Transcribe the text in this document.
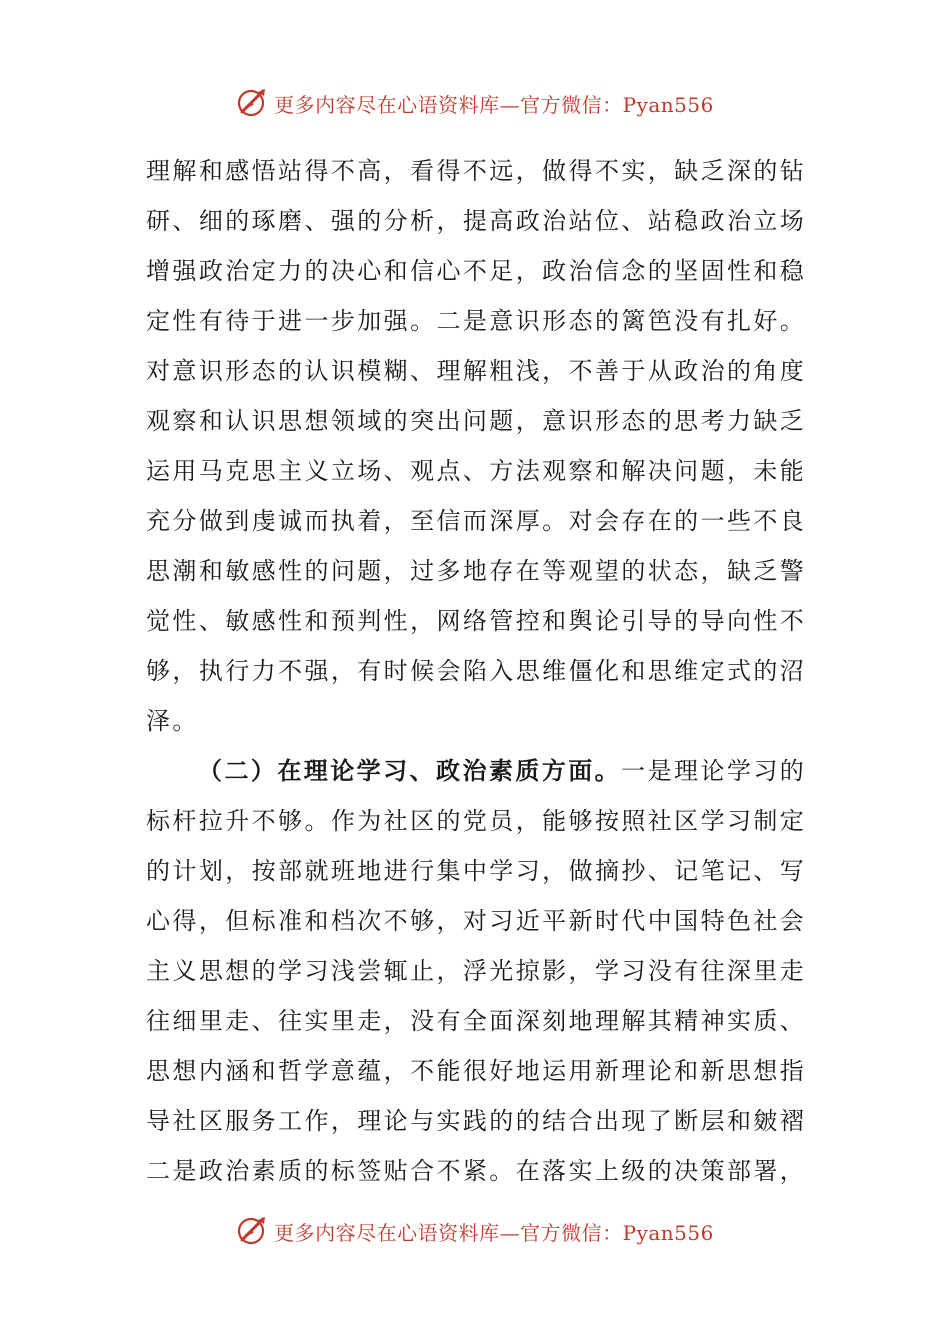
更多内容尽在心语资料库—官方微信：Pyan556
理解和感悟站得不高，看得不远，做得不实，缺乏深的钻
研、细的琢磨、强的分析，提高政治站位、站稳政治立场
增强政治定力的决心和信心不足，政治信念的坚固性和稳
定性有待于进一步加强。二是意识形态的篱笆没有扎好。
对意识形态的认识模糊、理解粗浅，不善于从政治的角度
观察和认识思想领域的突出问题，意识形态的思考力缺乏
运用马克思主义立场、观点、方法观察和解决问题，未能
充分做到虔诚而执着，至信而深厚。对会存在的一些不良
思潮和敏感性的问题，过多地存在等观望的状态，缺乏警
觉性、敏感性和预判性，网络管控和舆论引导的导向性不
够，执行力不强，有时候会陷入思维僵化和思维定式的沼
泽。
（二）在理论学习、政治素质方面。一是理论学习的
标杆拉升不够。作为社区的党员，能够按照社区学习制定
的计划，按部就班地进行集中学习，做摘抄、记笔记、写
心得，但标准和档次不够，对习近平新时代中国特色社会
主义思想的学习浅尝辄止，浮光掠影，学习没有往深里走
往细里走、往实里走，没有全面深刻地理解其精神实质、
思想内涵和哲学意蕴，不能很好地运用新理论和新思想指
导社区服务工作，理论与实践的的结合出现了断层和皴褶
二是政治素质的标签贴合不紧。在落实上级的决策部署，
更多内容尽在心语资料库—官方微信：Pyan556
